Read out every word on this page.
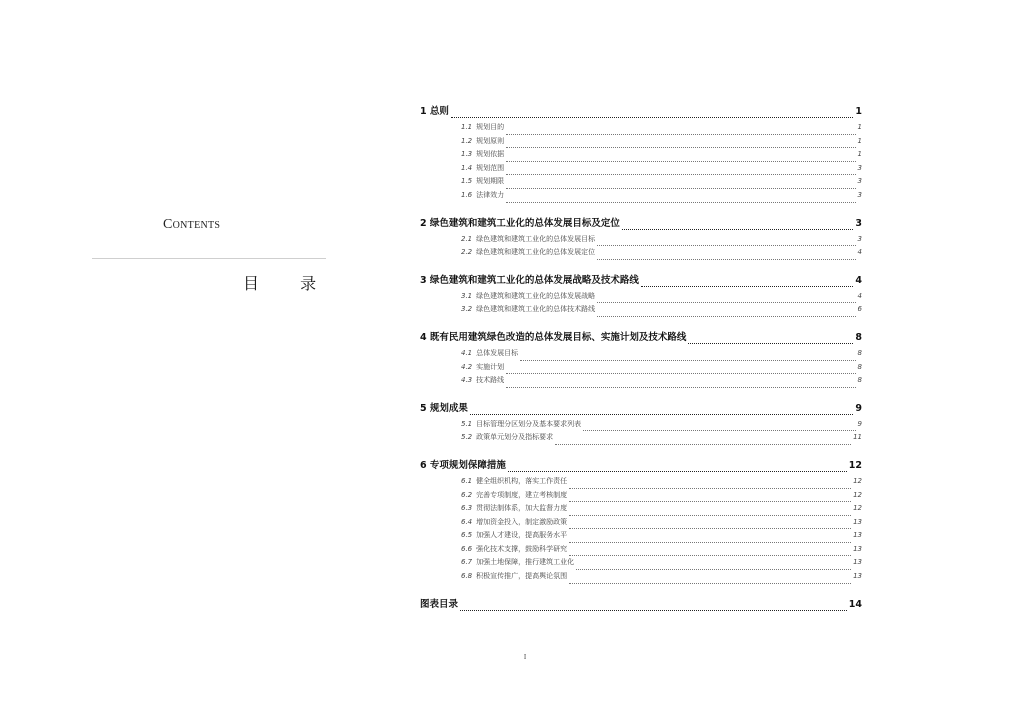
Contents
目 录
1 总则	1
1.1 规划目的	1
1.2 规划原则	1
1.3 规划依据	1
1.4 规划范围	3
1.5 规划期限	3
1.6 法律效力	3
2 绿色建筑和建筑工业化的总体发展目标及定位	3
2.1 绿色建筑和建筑工业化的总体发展目标	3
2.2 绿色建筑和建筑工业化的总体发展定位	4
3 绿色建筑和建筑工业化的总体发展战略及技术路线	4
3.1 绿色建筑和建筑工业化的总体发展战略	4
3.2 绿色建筑和建筑工业化的总体技术路线	6
4 既有民用建筑绿色改造的总体发展目标、实施计划及技术路线	8
4.1 总体发展目标	8
4.2 实施计划	8
4.3 技术路线	8
5 规划成果	9
5.1 目标管理分区划分及基本要求列表	9
5.2 政策单元划分及指标要求	11
6 专项规划保障措施	12
6.1 健全组织机构，落实工作责任	12
6.2 完善专项制度，建立考核制度	12
6.3 贯彻法制体系，加大监督力度	12
6.4 增加资金投入，制定激励政策	13
6.5 加强人才建设，提高服务水平	13
6.6 强化技术支撑，鼓励科学研究	13
6.7 加强土地保障，推行建筑工业化	13
6.8 积极宣传推广，提高舆论氛围	13
图表目录	14
I
